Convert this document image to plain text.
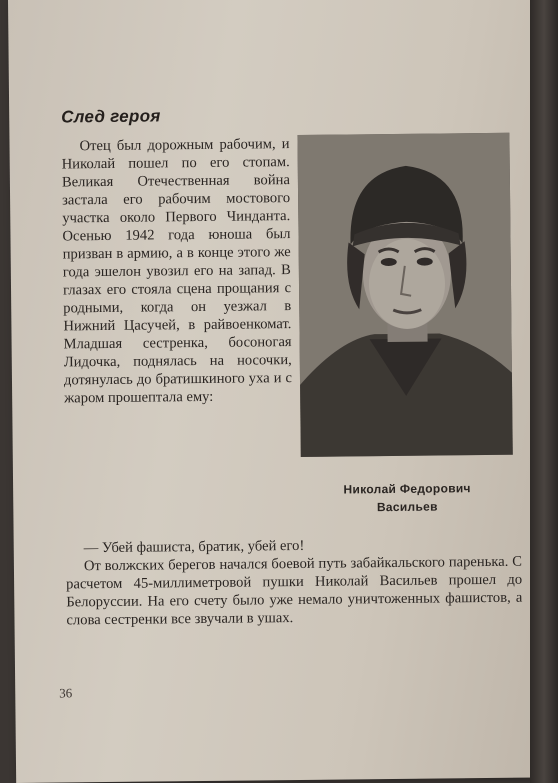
След героя

Отец был дорожным рабочим, и Николай пошел по его стопам. Великая Отечественная война застала его рабочим мостового участка около Первого Чинданта. Осенью 1942 года юноша был призван в армию, а в конце этого же года эшелон увозил его на запад. В глазах его стояла сцена прощания с родными, когда он уезжал в Нижний Цасучей, в райвоенкомат. Младшая сестренка, босоногая Лидочка, поднялась на носочки, дотянулась до братишкиного уха и с жаром прошептала ему:

Николай Федорович
Васильев

— Убей фашиста, братик, убей его!

От волжских берегов начался боевой путь забайкальского паренька. С расчетом 45-миллиметровой пушки Николай Васильев прошел до Белоруссии. На его счету было уже немало уничтоженных фашистов, а слова сестренки все звучали в ушах.

36
